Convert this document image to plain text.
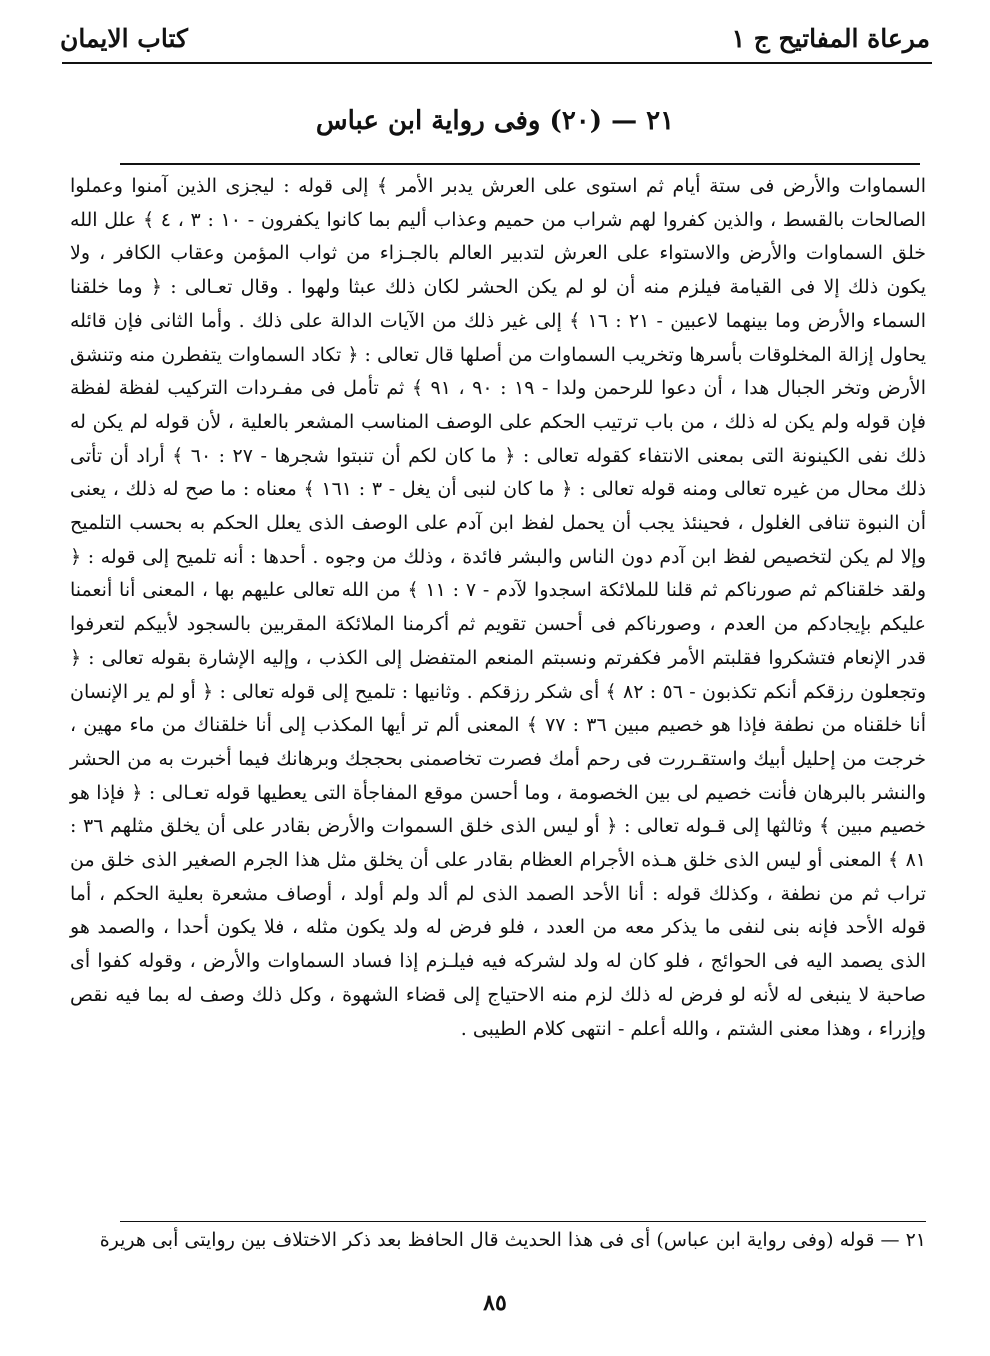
مرعاة المفاتيح ج ١
كتاب الايمان
٢١ — (٢٠) وفى رواية ابن عباس

السماوات والأرض فى ستة أيام ثم استوى على العرش يدبر الأمر ﴾ إلى قوله : ليجزى الذين آمنوا وعملوا الصالحات بالقسط ، والذين كفروا لهم شراب من حميم وعذاب أليم بما كانوا يكفرون - ١٠ : ٣ ، ٤ ﴾ علل الله خلق السماوات والأرض والاستواء على العرش لتدبير العالم بالجـزاء من ثواب المؤمن وعقاب الكافر ، ولا يكون ذلك إلا فى القيامة فيلزم منه أن لو لم يكن الحشر لكان ذلك عبثا ولهوا . وقال تعـالى : ﴿ وما خلقنا السماء والأرض وما بينهما لاعبين - ٢١ : ١٦ ﴾ إلى غير ذلك من الآيات الدالة على ذلك . وأما الثانى فإن قائله يحاول إزالة المخلوقات بأسرها وتخريب السماوات من أصلها قال تعالى : ﴿ تكاد السماوات يتفطرن منه وتنشق الأرض وتخر الجبال هدا ، أن دعوا للرحمن ولدا - ١٩ : ٩٠ ، ٩١ ﴾ ثم تأمل فى مفـردات التركيب لفظة لفظة فإن قوله ولم يكن له ذلك ، من باب ترتيب الحكم على الوصف المناسب المشعر بالعلية ، لأن قوله لم يكن له ذلك نفى الكينونة التى بمعنى الانتفاء كقوله تعالى : ﴿ ما كان لكم أن تنبتوا شجرها - ٢٧ : ٦٠ ﴾ أراد أن تأتى ذلك محال من غيره تعالى ومنه قوله تعالى : ﴿ ما كان لنبى أن يغل - ٣ : ١٦١ ﴾ معناه : ما صح له ذلك ، يعنى أن النبوة تنافى الغلول ، فحينئذ يجب أن يحمل لفظ ابن آدم على الوصف الذى يعلل الحكم به بحسب التلميح وإلا لم يكن لتخصيص لفظ ابن آدم دون الناس والبشر فائدة ، وذلك من وجوه . أحدها : أنه تلميح إلى قوله : ﴿ ولقد خلقناكم ثم صورناكم ثم قلنا للملائكة اسجدوا لآدم - ٧ : ١١ ﴾ من الله تعالى عليهم بها ، المعنى أنا أنعمنا عليكم بإيجادكم من العدم ، وصورناكم فى أحسن تقويم ثم أكرمنا الملائكة المقربين بالسجود لأبيكم لتعرفوا قدر الإنعام فتشكروا فقلبتم الأمر فكفرتم ونسبتم المنعم المتفضل إلى الكذب ، وإليه الإشارة بقوله تعالى : ﴿ وتجعلون رزقكم أنكم تكذبون - ٥٦ : ٨٢ ﴾ أى شكر رزقكم . وثانيها : تلميح إلى قوله تعالى : ﴿ أو لم ير الإنسان أنا خلقناه من نطفة فإذا هو خصيم مبين ٣٦ : ٧٧ ﴾ المعنى ألم تر أيها المكذب إلى أنا خلقناك من ماء مهين ، خرجت من إحليل أبيك واستقـررت فى رحم أمك فصرت تخاصمنى بحججك وبرهانك فيما أخبرت به من الحشر والنشر بالبرهان فأنت خصيم لى بين الخصومة ، وما أحسن موقع المفاجأة التى يعطيها قوله تعـالى : ﴿ فإذا هو خصيم مبين ﴾ وثالثها إلى قـوله تعالى : ﴿ أو ليس الذى خلق السموات والأرض بقادر على أن يخلق مثلهم ٣٦ : ٨١ ﴾ المعنى أو ليس الذى خلق هـذه الأجرام العظام بقادر على أن يخلق مثل هذا الجرم الصغير الذى خلق من تراب ثم من نطفة ، وكذلك قوله : أنا الأحد الصمد الذى لم ألد ولم أولد ، أوصاف مشعرة بعلية الحكم ، أما قوله الأحد فإنه بنى لنفى ما يذكر معه من العدد ، فلو فرض له ولد يكون مثله ، فلا يكون أحدا ، والصمد هو الذى يصمد اليه فى الحوائج ، فلو كان له ولد لشركه فيه فيلـزم إذا فساد السماوات والأرض ، وقوله كفوا أى صاحبة لا ينبغى له لأنه لو فرض له ذلك لزم منه الاحتياج إلى قضاء الشهوة ، وكل ذلك وصف له بما فيه نقص وإزراء ، وهذا معنى الشتم ، والله أعلم - انتهى كلام الطيبى .

٢١ — قوله (وفى رواية ابن عباس) أى فى هذا الحديث قال الحافظ بعد ذكر الاختلاف بين روايتى أبى هريرة
٨٥
